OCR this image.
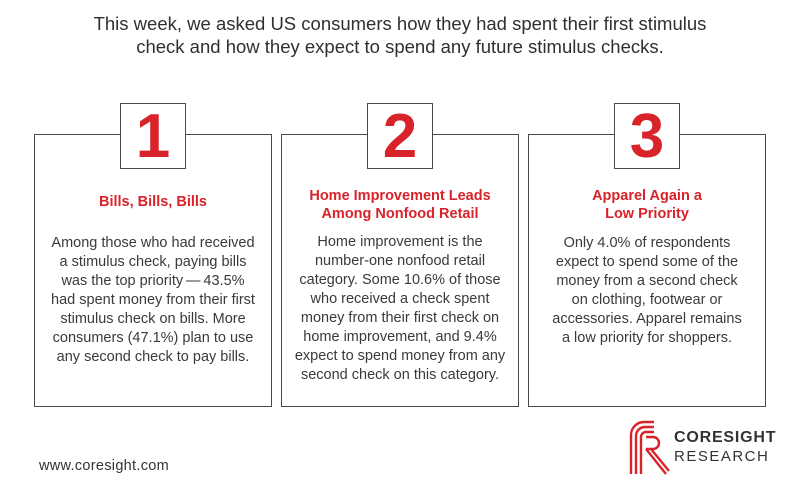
This week, we asked US consumers how they had spent their first stimulus
check and how they expect to spend any future stimulus checks.
1
Bills, Bills, Bills
Among those who had received
a stimulus check, paying bills
was the top priority — 43.5%
had spent money from their first
stimulus check on bills. More
consumers (47.1%) plan to use
any second check to pay bills.
2
Home Improvement Leads
Among Nonfood Retail
Home improvement is the
number-one nonfood retail
category. Some 10.6% of those
who received a check spent
money from their first check on
home improvement, and 9.4%
expect to spend money from any
second check on this category.
3
Apparel Again a
Low Priority
Only 4.0% of respondents
expect to spend some of the
money from a second check
on clothing, footwear or
accessories. Apparel remains
a low priority for shoppers.
www.coresight.com
CORESIGHT
RESEARCH
